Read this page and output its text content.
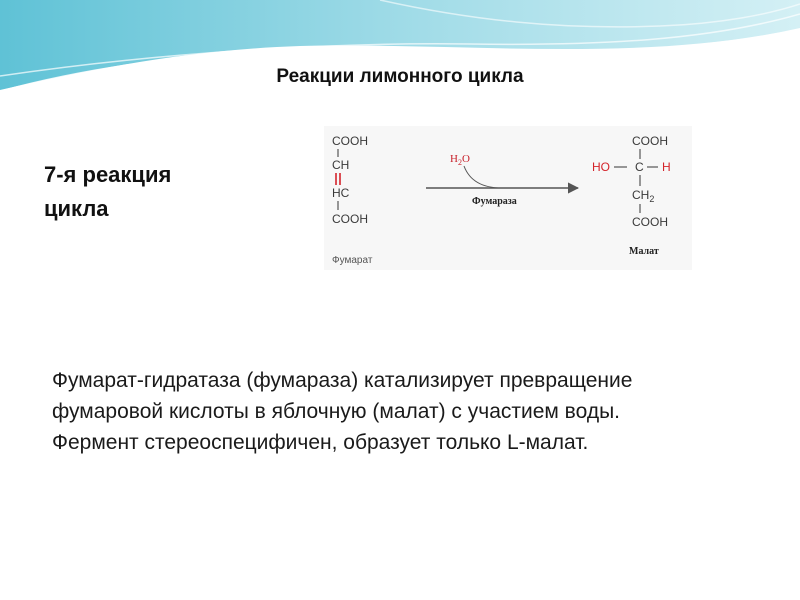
Реакции лимонного цикла
7-я реакция
цикла
COOH
CH
HC
COOH
Фумарат
$H_2O$
Фумараза
COOH
HO C H
$CH_2$
COOH
Малат
Фумарат-гидратаза (фумараза) катализирует превращение
фумаровой кислоты в яблочную (малат) с участием воды.
Фермент стереоспецифичен, образует только L-малат.
